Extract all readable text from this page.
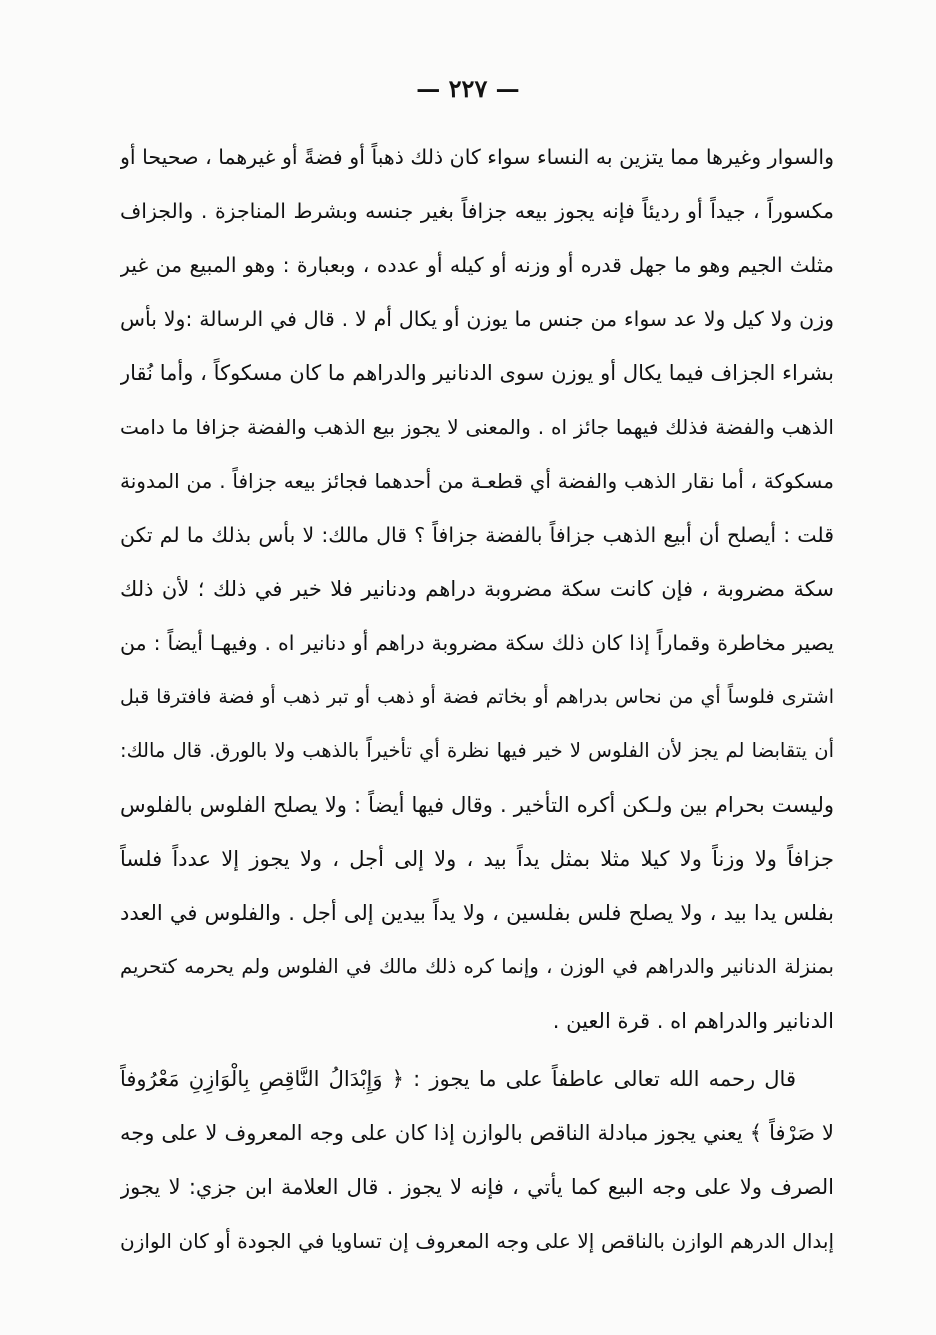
— ٢٢٧ —
والسوار وغيرها مما يتزين به النساء سواء كان ذلك ذهباً أو فضةً أو غيرهما ، صحيحا أو
مكسوراً ، جيداً أو رديئاً فإنه يجوز بيعه جزافاً بغير جنسه وبشرط المناجزة . والجزاف
مثلث الجيم وهو ما جهل قدره أو وزنه أو كيله أو عدده ، وبعبارة : وهو المبيع من غير
وزن ولا كيل ولا عد سواء من جنس ما يوزن أو يكال أم لا . قال في الرسالة :ولا بأس
بشراء الجزاف فيما يكال أو يوزن سوى الدنانير والدراهم ما كان مسكوكاً ، وأما نُقار
الذهب والفضة فذلك فيهما جائز اه . والمعنى لا يجوز بيع الذهب والفضة جزافا ما دامت
مسكوكة ، أما نقار الذهب والفضة أي قطعـة من أحدهما فجائز بيعه جزافاً . من المدونة
قلت : أيصلح أن أبيع الذهب جزافاً بالفضة جزافاً ؟ قال مالك: لا بأس بذلك ما لم تكن
سكة مضروبة ، فإن كانت سكة مضروبة دراهم ودنانير فلا خير في ذلك ؛ لأن ذلك
يصير مخاطرة وقماراً إذا كان ذلك سكة مضروبة دراهم أو دنانير اه . وفيهـا أيضاً : من
اشترى فلوساً أي من نحاس بدراهم أو بخاتم فضة أو ذهب أو تبر ذهب أو فضة فافترقا قبل
أن يتقابضا لم يجز لأن الفلوس لا خير فيها نظرة أي تأخيراً بالذهب ولا بالورق. قال مالك:
وليست بحرام بين ولـكن أكره التأخير . وقال فيها أيضاً : ولا يصلح الفلوس بالفلوس
جزافاً ولا وزناً ولا كيلا مثلا بمثل يداً بيد ، ولا إلى أجل ، ولا يجوز إلا عدداً فلساً
بفلس يدا بيد ، ولا يصلح فلس بفلسين ، ولا يداً بيدين إلى أجل . والفلوس في العدد
بمنزلة الدنانير والدراهم في الوزن ، وإنما كره ذلك مالك في الفلوس ولم يحرمه كتحريم
الدنانير والدراهم اه . قرة العين .
قال رحمه الله تعالى عاطفاً على ما يجوز : ﴿ وَإِبْدَالُ النَّاقِصِ بِالْوَازِنِ مَعْرُوفاً
لا صَرْفاً ﴾ يعني يجوز مبادلة الناقص بالوازن إذا كان على وجه المعروف لا على وجه
الصرف ولا على وجه البيع كما يأتي ، فإنه لا يجوز . قال العلامة ابن جزي: لا يجوز
إبدال الدرهم الوازن بالناقص إلا على وجه المعروف إن تساويا في الجودة أو كان الوازن
